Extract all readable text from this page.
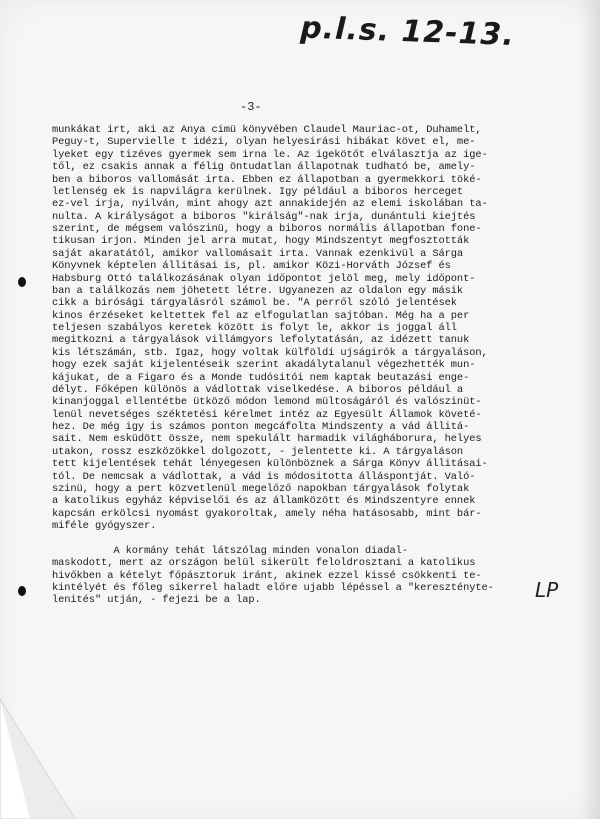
p.l.s. 12-13.
-3-
munkákat irt, aki az Anya cimü könyvében Claudel Mauriac-ot, Duhamelt,
Peguy-t, Supervielle t idézi, olyan helyesirási hibákat követ el, me-
lyeket egy tizéves gyermek sem irna le. Az igekötőt elválasztja az ige-
től, ez csakis annak a félig öntudatlan állapotnak tudható be, amely-
ben a biboros vallomását irta. Ebben ez állapotban a gyermekkori töké-
letlenség ek is napvilágra kerülnek. Igy például a biboros herceget
ez-vel irja, nyilván, mint ahogy azt annakidején az elemi iskolában ta-
nulta. A királyságot a biboros "királság"-nak irja, dunántuli kiejtés
szerint, de mégsem valószinü, hogy a biboros normális állapotban fone-
tikusan irjon. Minden jel arra mutat, hogy Mindszentyt megfosztották
saját akaratától, amikor vallomásait irta. Vannak ezenkivül a Sárga
Könyvnek képtelen állitásai is, pl. amikor Közi-Horváth József és
Habsburg Ottó találkozásának olyan időpontot jelöl meg, mely időpont-
ban a találkozás nem jöhetett létre. Ugyanezen az oldalon egy másik
cikk a birósági tárgyalásról számol be. "A perről szóló jelentések
kinos érzéseket keltettek fel az elfogulatlan sajtóban. Még ha a per
teljesen szabályos keretek között is folyt le, akkor is joggal áll
megitkozni a tárgyalások villámgyors lefolytatásán, az idézett tanuk
kis létszámán, stb. Igaz, hogy voltak külföldi ujságirók a tárgyaláson,
hogy ezek saját kijelentéseik szerint akadálytalanul végezhették mun-
kájukat, de a Figaro és a Monde tudósitói nem kaptak beutazási enge-
délyt. Főképen különös a vádlottak viselkedése. A biboros például a
kinanjoggal ellentétbe ütköző módon lemond mültoságáról és valószinüt-
lenül nevetséges széktetési kérelmet intéz az Egyesült Államok követé-
hez. De még igy is számos ponton megcáfolta Mindszenty a vád állitá-
sait. Nem esküdött össze, nem spekulált harmadik világháborura, helyes
utakon, rossz eszközökkel dolgozott, - jelentette ki. A tárgyaláson
tett kijelentések tehát lényegesen különböznek a Sárga Könyv állitásai-
tól. De nemcsak a vádlottak, a vád is módositotta álláspontját. Való-
szinü, hogy a pert közvetlenül megelőző napokban tárgyalások folytak
a katolikus egyház képviselői és az államközött és Mindszentyre ennek
kapcsán erkölcsi nyomást gyakoroltak, amely néha hatásosabb, mint bár-
miféle gyógyszer.

A kormány tehát látszólag minden vonalon diadal-
maskodott, mert az országon belül sikerült feloldrosztani a katolikus
hivőkben a kételyt főpásztoruk iránt, akinek ezzel kissé csökkenti te-
kintélyét és főleg sikerrel haladt előre ujabb lépéssel a "keresztényte-
lenités" utján, - fejezi be a lap.	LP
